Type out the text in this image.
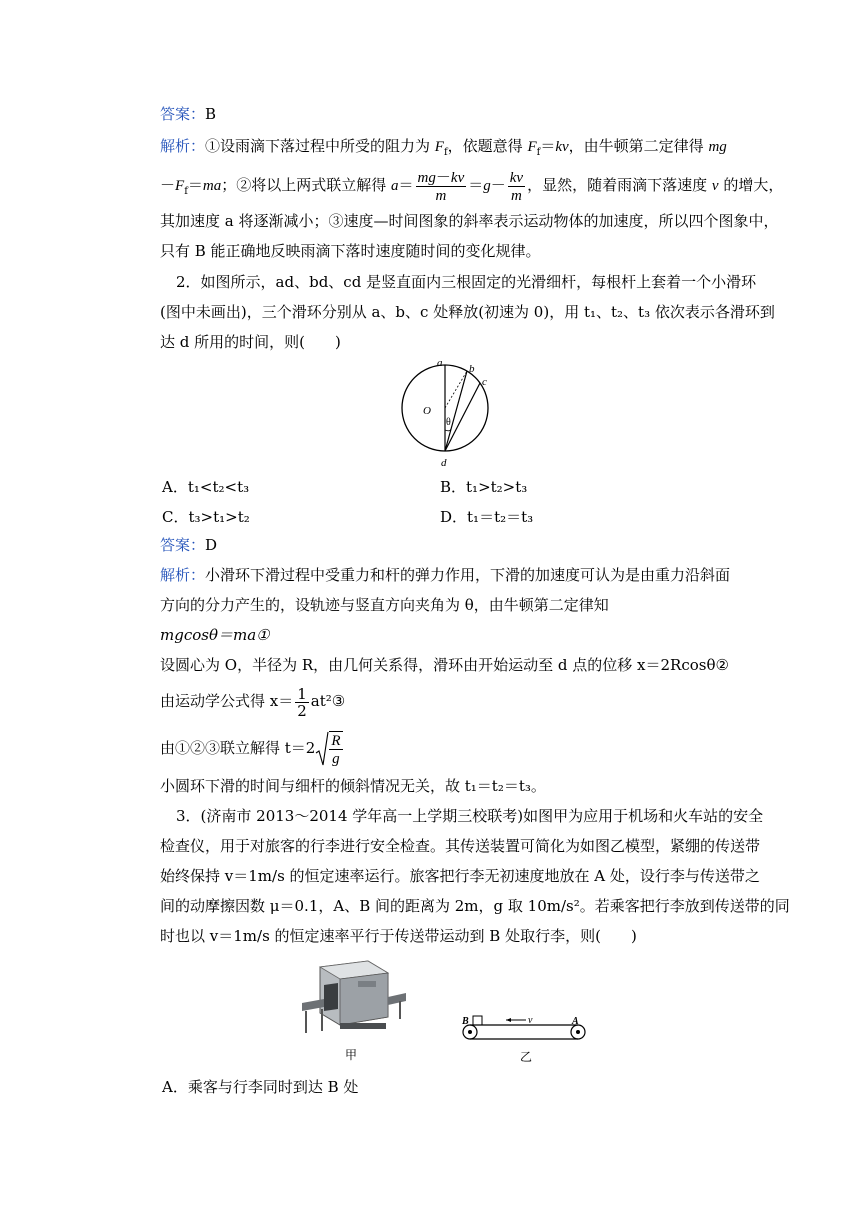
答案：B
解析：①设雨滴下落过程中所受的阻力为 $F_f$，依题意得 $F_f=kv$，由牛顿第二定律得 mg
$-F_f=ma$；②将以上两式联立解得 $a= \frac{mg-kv}{m} =g- \frac{kv}{m}$ ，显然，随着雨滴下落速度 v 的增大，
其加速度 a 将逐渐减小；③速度—时间图象的斜率表示运动物体的加速度，所以四个图象中，
只有 B 能正确地反映雨滴下落时速度随时间的变化规律。
2．如图所示，ad、bd、cd 是竖直面内三根固定的光滑细杆，每根杆上套着一个小滑环
(图中未画出)，三个滑环分别从 a、b、c 处释放(初速为 0)，用 t₁、t₂、t₃ 依次表示各滑环到
达 d 所用的时间，则(　　)
a b
c
O
θ
d
A．t₁<t₂<t₃	B．t₁>t₂>t₃
C．t₃>t₁>t₂	D．t₁＝t₂＝t₃
答案：D
解析：小滑环下滑过程中受重力和杆的弹力作用，下滑的加速度可认为是由重力沿斜面
方向的分力产生的，设轨迹与竖直方向夹角为 θ，由牛顿第二定律知
mgcosθ＝ma①
设圆心为 O，半径为 R，由几何关系得，滑环由开始运动至 d 点的位移 x＝2Rcosθ②
由运动学公式得 $x= \frac{1}{2}$ at²③
由①②③联立解得 $t=2 \frac{R}{g}$
小圆环下滑的时间与细杆的倾斜情况无关，故 t₁＝t₂＝t₃。
3．(济南市 2013～2014 学年高一上学期三校联考)如图甲为应用于机场和火车站的安全
检查仪，用于对旅客的行李进行安全检查。其传送装置可简化为如图乙模型，紧绷的传送带
始终保持 v＝1m/s 的恒定速率运行。旅客把行李无初速度地放在 A 处，设行李与传送带之
间的动摩擦因数 μ＝0.1，A、B 间的距离为 2m，g 取 10m/s²。若乘客把行李放到传送带的同
时也以 v＝1m/s 的恒定速率平行于传送带运动到 B 处取行李，则(　　)
甲
B	v	A
乙
A．乘客与行李同时到达 B 处
